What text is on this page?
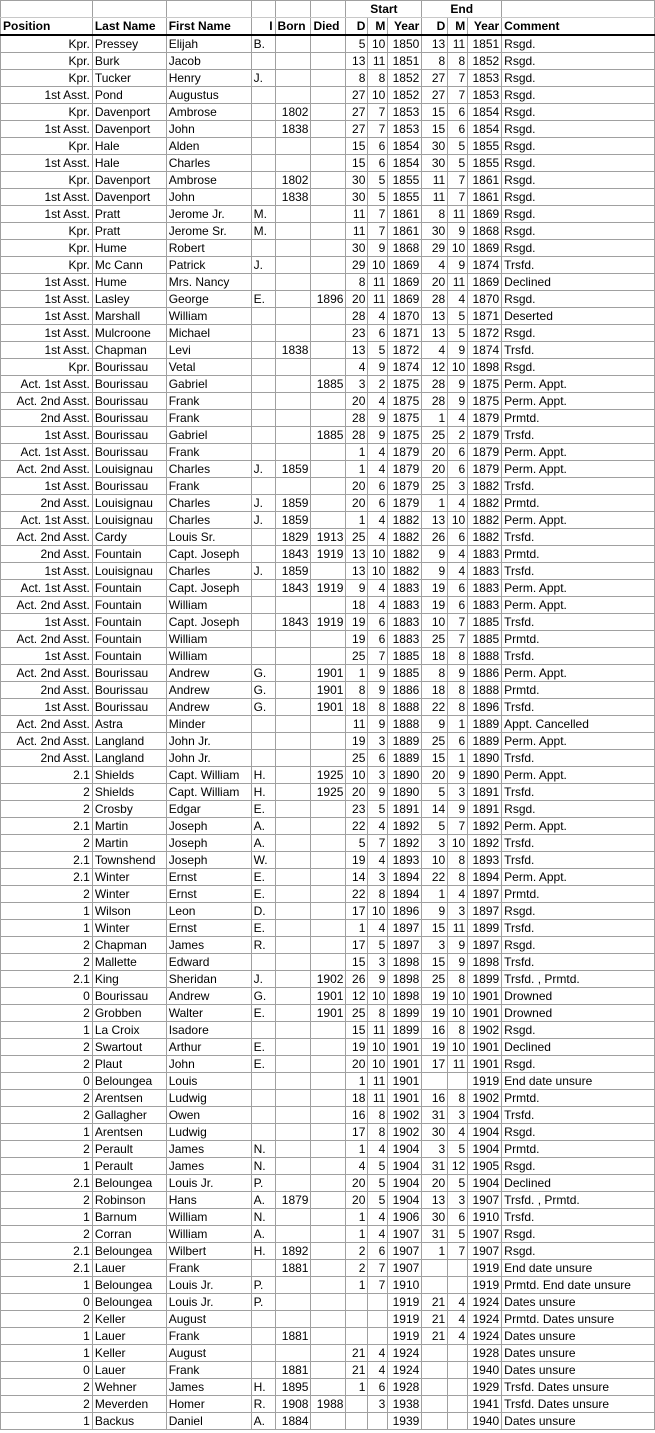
						Start			End			
Position	Last Name	First Name	I	Born	Died	D	M	Year	D	M	Year	Comment
Kpr.	Pressey	Elijah	B.			5	10	1850	13	11	1851	Rsgd.
Kpr.	Burk	Jacob				13	11	1851	8	8	1852	Rsgd.
Kpr.	Tucker	Henry	J.			8	8	1852	27	7	1853	Rsgd.
1st Asst.	Pond	Augustus				27	10	1852	27	7	1853	Rsgd.
Kpr.	Davenport	Ambrose		1802		27	7	1853	15	6	1854	Rsgd.
1st Asst.	Davenport	John		1838		27	7	1853	15	6	1854	Rsgd.
Kpr.	Hale	Alden				15	6	1854	30	5	1855	Rsgd.
1st Asst.	Hale	Charles				15	6	1854	30	5	1855	Rsgd.
Kpr.	Davenport	Ambrose		1802		30	5	1855	11	7	1861	Rsgd.
1st Asst.	Davenport	John		1838		30	5	1855	11	7	1861	Rsgd.
1st Asst.	Pratt	Jerome Jr.	M.			11	7	1861	8	11	1869	Rsgd.
Kpr.	Pratt	Jerome Sr.	M.			11	7	1861	30	9	1868	Rsgd.
Kpr.	Hume	Robert				30	9	1868	29	10	1869	Rsgd.
Kpr.	Mc Cann	Patrick	J.			29	10	1869	4	9	1874	Trsfd.
1st Asst.	Hume	Mrs. Nancy				8	11	1869	20	11	1869	Declined
1st Asst.	Lasley	George	E.		1896	20	11	1869	28	4	1870	Rsgd.
1st Asst.	Marshall	William				28	4	1870	13	5	1871	Deserted
1st Asst.	Mulcroone	Michael				23	6	1871	13	5	1872	Rsgd.
1st Asst.	Chapman	Levi		1838		13	5	1872	4	9	1874	Trsfd.
Kpr.	Bourissau	Vetal				4	9	1874	12	10	1898	Rsgd.
Act. 1st Asst.	Bourissau	Gabriel			1885	3	2	1875	28	9	1875	Perm. Appt.
Act. 2nd Asst.	Bourissau	Frank				20	4	1875	28	9	1875	Perm. Appt.
2nd Asst.	Bourissau	Frank				28	9	1875	1	4	1879	Prmtd.
1st Asst.	Bourissau	Gabriel			1885	28	9	1875	25	2	1879	Trsfd.
Act. 1st Asst.	Bourissau	Frank				1	4	1879	20	6	1879	Perm. Appt.
Act. 2nd Asst.	Louisignau	Charles	J.	1859		1	4	1879	20	6	1879	Perm. Appt.
1st Asst.	Bourissau	Frank				20	6	1879	25	3	1882	Trsfd.
2nd Asst.	Louisignau	Charles	J.	1859		20	6	1879	1	4	1882	Prmtd.
Act. 1st Asst.	Louisignau	Charles	J.	1859		1	4	1882	13	10	1882	Perm. Appt.
Act. 2nd Asst.	Cardy	Louis Sr.		1829	1913	25	4	1882	26	6	1882	Trsfd.
2nd Asst.	Fountain	Capt. Joseph		1843	1919	13	10	1882	9	4	1883	Prmtd.
1st Asst.	Louisignau	Charles	J.	1859		13	10	1882	9	4	1883	Trsfd.
Act. 1st Asst.	Fountain	Capt. Joseph		1843	1919	9	4	1883	19	6	1883	Perm. Appt.
Act. 2nd Asst.	Fountain	William				18	4	1883	19	6	1883	Perm. Appt.
1st Asst.	Fountain	Capt. Joseph		1843	1919	19	6	1883	10	7	1885	Trsfd.
Act. 2nd Asst.	Fountain	William				19	6	1883	25	7	1885	Prmtd.
1st Asst.	Fountain	William				25	7	1885	18	8	1888	Trsfd.
Act. 2nd Asst.	Bourissau	Andrew	G.		1901	1	9	1885	8	9	1886	Perm. Appt.
2nd Asst.	Bourissau	Andrew	G.		1901	8	9	1886	18	8	1888	Prmtd.
1st Asst.	Bourissau	Andrew	G.		1901	18	8	1888	22	8	1896	Trsfd.
Act. 2nd Asst.	Astra	Minder				11	9	1888	9	1	1889	Appt. Cancelled
Act. 2nd Asst.	Langland	John Jr.				19	3	1889	25	6	1889	Perm. Appt.
2nd Asst.	Langland	John Jr.				25	6	1889	15	1	1890	Trsfd.
2.1	Shields	Capt. William	H.		1925	10	3	1890	20	9	1890	Perm. Appt.
2	Shields	Capt. William	H.		1925	20	9	1890	5	3	1891	Trsfd.
2	Crosby	Edgar	E.			23	5	1891	14	9	1891	Rsgd.
2.1	Martin	Joseph	A.			22	4	1892	5	7	1892	Perm. Appt.
2	Martin	Joseph	A.			5	7	1892	3	10	1892	Trsfd.
2.1	Townshend	Joseph	W.			19	4	1893	10	8	1893	Trsfd.
2.1	Winter	Ernst	E.			14	3	1894	22	8	1894	Perm. Appt.
2	Winter	Ernst	E.			22	8	1894	1	4	1897	Prmtd.
1	Wilson	Leon	D.			17	10	1896	9	3	1897	Rsgd.
1	Winter	Ernst	E.			1	4	1897	15	11	1899	Trsfd.
2	Chapman	James	R.			17	5	1897	3	9	1897	Rsgd.
2	Mallette	Edward				15	3	1898	15	9	1898	Trsfd.
2.1	King	Sheridan	J.		1902	26	9	1898	25	8	1899	Trsfd. , Prmtd.
0	Bourissau	Andrew	G.		1901	12	10	1898	19	10	1901	Drowned
2	Grobben	Walter	E.		1901	25	8	1899	19	10	1901	Drowned
1	La Croix	Isadore				15	11	1899	16	8	1902	Rsgd.
2	Swartout	Arthur	E.			19	10	1901	19	10	1901	Declined
2	Plaut	John	E.			20	10	1901	17	11	1901	Rsgd.
0	Beloungea	Louis				1	11	1901			1919	End date unsure
2	Arentsen	Ludwig				18	11	1901	16	8	1902	Prmtd.
2	Gallagher	Owen				16	8	1902	31	3	1904	Trsfd.
1	Arentsen	Ludwig				17	8	1902	30	4	1904	Rsgd.
2	Perault	James	N.			1	4	1904	3	5	1904	Prmtd.
1	Perault	James	N.			4	5	1904	31	12	1905	Rsgd.
2.1	Beloungea	Louis Jr.	P.			20	5	1904	20	5	1904	Declined
2	Robinson	Hans	A.	1879		20	5	1904	13	3	1907	Trsfd. , Prmtd.
1	Barnum	William	N.			1	4	1906	30	6	1910	Trsfd.
2	Corran	William	A.			1	4	1907	31	5	1907	Rsgd.
2.1	Beloungea	Wilbert	H.	1892		2	6	1907	1	7	1907	Rsgd.
2.1	Lauer	Frank		1881		2	7	1907			1919	End date unsure
1	Beloungea	Louis Jr.	P.			1	7	1910			1919	Prmtd. End date unsure
0	Beloungea	Louis Jr.	P.					1919	21	4	1924	Dates unsure
2	Keller	August						1919	21	4	1924	Prmtd. Dates unsure
1	Lauer	Frank		1881				1919	21	4	1924	Dates unsure
1	Keller	August				21	4	1924			1928	Dates unsure
0	Lauer	Frank		1881		21	4	1924			1940	Dates unsure
2	Wehner	James	H.	1895		1	6	1928			1929	Trsfd. Dates unsure
2	Meverden	Homer	R.	1908	1988		3	1938			1941	Trsfd. Dates unsure
1	Backus	Daniel	A.	1884				1939			1940	Dates unsure
